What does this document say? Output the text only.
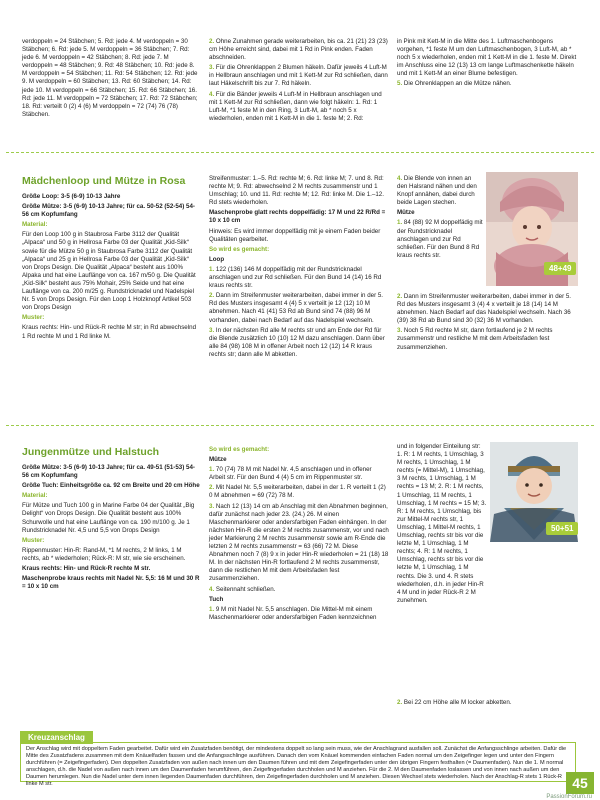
verdoppeln = 24 Stäbchen; 5. Rd: jede 4. M verdoppeln = 30 Stäbchen; 6. Rd: jede 5. M verdoppeln = 36 Stäbchen; 7. Rd: jede 6. M verdoppeln = 42 Stäbchen; 8. Rd: jede 7. M verdoppeln = 48 Stäbchen; 9. Rd: 48 Stäbchen; 10. Rd: jede 8. M verdoppeln = 54 Stäbchen; 11. Rd: 54 Stäbchen; 12. Rd: jede 9. M verdoppeln = 60 Stäbchen; 13. Rd: 60 Stäbchen; 14. Rd: jede 10. M verdoppeln = 66 Stäbchen; 15. Rd: 66 Stäbchen; 16. Rd: jede 11. M verdoppeln = 72 Stäbchen; 17. Rd: 72 Stäbchen; 18. Rd: verteilt 0 (2) 4 (6) M verdoppeln = 72 (74) 76 (78) Stäbchen.

2. Ohne Zunahmen gerade weiterarbeiten, bis ca. 21 (21) 23 (23) cm Höhe erreicht sind, dabei mit 1 Rd in Pink enden. Faden abschneiden.

3. Für die Ohrenklappen 2 Blumen häkeln. Dafür jeweils 4 Luft-M in Hellbraun anschlagen und mit 1 Kett-M zur Rd schließen, dann laut Häkelschrift bis zur 7. Rd häkeln.

4. Für die Bänder jeweils 4 Luft-M in Hellbraun anschlagen und mit 1 Kett-M zur Rd schließen, dann wie folgt häkeln: 1. Rd: 1 Luft-M, *1 feste M in den Ring, 3 Luft-M, ab * noch 5 x wiederholen, enden mit 1 Kett-M in die 1. feste M; 2. Rd:

in Pink mit Kett-M in die Mitte des 1. Luftmaschenbogens vorgehen, *1 feste M um den Luftmaschenbogen, 3 Luft-M, ab * noch 5 x wiederholen, enden mit 1 Kett-M in die 1. feste M. Direkt im Anschluss eine 12 (13) 13 cm lange Luftmaschenkette häkeln und mit 1 Kett-M an einer Blume befestigen.

5. Die Ohrenklappen an die Mütze nähen.

Mädchenloop und Mütze in Rosa

Größe Loop: 3-5 (6-9) 10-13 Jahre

Größe Mütze: 3-5 (6-9) 10-13 Jahre; für ca. 50-52 (52-54) 54-56 cm Kopfumfang

Material:

Für den Loop 100 g in Staubrosa Farbe 3112 der Qualität „Alpaca“ und 50 g in Hellrosa Farbe 03 der Qualität „Kid-Silk“ sowie für die Mütze 50 g in Staubrosa Farbe 3112 der Qualität „Alpaca“ und 25 g in Hellrosa Farbe 03 der Qualität „Kid-Silk“ von Drops Design. Die Qualität „Alpaca“ besteht aus 100% Alpaka und hat eine Lauflänge von ca. 167 m/50 g. Die Qualität „Kid-Silk“ besteht aus 75% Mohair, 25% Seide und hat eine Lauflänge von ca. 200 m/25 g. Rundstricknadel und Nadelspiel Nr. 5 von Drops Design. Für den Loop 1 Holzknopf Artikel 503 von Drops Design

Muster:

Kraus rechts: Hin- und Rück-R rechte M str; in Rd abwechselnd 1 Rd rechte M und 1 Rd linke M.

Streifenmuster: 1.–5. Rd: rechte M; 6. Rd: linke M; 7. und 8. Rd: rechte M; 9. Rd: abwechselnd 2 M rechts zusammenstr und 1 Umschlag; 10. und 11. Rd: rechte M; 12. Rd: linke M. Die 1.–12. Rd stets wiederholen.

Maschenprobe glatt rechts doppelfädig: 17 M und 22 R/Rd = 10 x 10 cm

Hinweis: Es wird immer doppelfädig mit je einem Faden beider Qualitäten gearbeitet.

So wird es gemacht:

Loop

1. 122 (136) 146 M doppelfädig mit der Rundstricknadel anschlagen und zur Rd schließen. Für den Bund 14 (14) 16 Rd kraus rechts str.

2. Dann im Streifenmuster weiterarbeiten, dabei immer in der 5. Rd des Musters insgesamt 4 (4) 5 x verteilt je 12 (12) 10 M abnehmen. Nach 41 (41) 53 Rd ab Bund sind 74 (88) 96 M vorhanden, dabei nach Bedarf auf das Nadelspiel wechseln.

3. In der nächsten Rd alle M rechts str und am Ende der Rd für die Blende zusätzlich 10 (10) 12 M dazu anschlagen. Dann über alle 84 (98) 108 M in offener Arbeit noch 12 (12) 14 R kraus rechts str; dann alle M abketten.

4. Die Blende von innen an den Halsrand nähen und den Knopf annähen, dabei durch beide Lagen stechen.

Mütze

1. 84 (88) 92 M doppelfädig mit der Rundstricknadel anschlagen und zur Rd schließen. Für den Bund 8 Rd kraus rechts str.

2. Dann im Streifenmuster weiterarbeiten, dabei immer in der 5. Rd des Musters insgesamt 3 (4) 4 x verteilt je 18 (14) 14 M abnehmen. Nach Bedarf auf das Nadelspiel wechseln. Nach 36 (39) 38 Rd ab Bund sind 30 (32) 36 M vorhanden.

3. Noch 5 Rd rechte M str, dann fortlaufend je 2 M rechts zusammenstr und restliche M mit dem Arbeitsfaden fest zusammenziehen.

48+49
Jungenmütze und Halstuch

Größe Mütze: 3-5 (6-9) 10-13 Jahre; für ca. 49-51 (51-53) 54-56 cm Kopfumfang

Größe Tuch: Einheitsgröße ca. 92 cm Breite und 20 cm Höhe

Material:

Für Mütze und Tuch 100 g in Marine Farbe 04 der Qualität „Big Delight“ von Drops Design. Die Qualität besteht aus 100% Schurwolle und hat eine Lauflänge von ca. 190 m/100 g. Je 1 Rundstricknadel Nr. 4,5 und 5,5 von Drops Design

Muster:

Rippenmuster: Hin-R: Rand-M, *1 M rechts, 2 M links, 1 M rechts, ab * wiederholen; Rück-R: M str, wie sie erscheinen.

Kraus rechts: Hin- und Rück-R rechte M str.

Maschenprobe kraus rechts mit Nadel Nr. 5,5: 16 M und 30 R = 10 x 10 cm

So wird es gemacht:

Mütze

1. 70 (74) 78 M mit Nadel Nr. 4,5 anschlagen und in offener Arbeit str. Für den Bund 4 (4) 5 cm im Rippenmuster str.

2. Mit Nadel Nr. 5,5 weiterarbeiten, dabei in der 1. R verteilt 1 (2) 0 M abnehmen = 69 (72) 78 M.

3. Nach 12 (13) 14 cm ab Anschlag mit den Abnahmen beginnen, dafür zunächst nach jeder 23. (24.) 26. M einen Maschenmarkierer oder andersfarbigen Faden einhängen. In der nächsten Hin-R die ersten 2 M rechts zusammenstr, vor und nach jeder Markierung 2 M rechts zusammenstr sowie am R-Ende die letzten 2 M rechts zusammenstr = 63 (66) 72 M. Diese Abnahmen noch 7 (8) 9 x in jeder Hin-R wiederholen = 21 (18) 18 M. In der nächsten Hin-R fortlaufend 2 M rechts zusammenstr, dann die restlichen M mit dem Arbeitsfaden fest zusammenziehen.

4. Seitennaht schließen.

Tuch

1. 9 M mit Nadel Nr. 5,5 anschlagen. Die Mittel-M mit einem Maschenmarkierer oder andersfarbigen Faden kennzeichnen

und in folgender Einteilung str: 1. R: 1 M rechts, 1 Umschlag, 3 M rechts, 1 Umschlag, 1 M rechts (= Mittel-M), 1 Umschlag, 3 M rechts, 1 Umschlag, 1 M rechts = 13 M; 2. R: 1 M rechts, 1 Umschlag, 11 M rechts, 1 Umschlag, 1 M rechts = 15 M; 3. R: 1 M rechts, 1 Umschlag, bis zur Mittel-M rechts str, 1 Umschlag, 1 Mittel-M rechts, 1 Umschlag, rechts str bis vor die letzte M, 1 Umschlag, 1 M rechts; 4. R: 1 M rechts, 1 Umschlag, rechts str bis vor die letzte M, 1 Umschlag, 1 M rechts. Die 3. und 4. R stets wiederholen, d.h. in jeder Hin-R 4 M und in jeder Rück-R 2 M zunehmen.

2. Bei 22 cm Höhe alle M locker abketten.

50+51
Kreuzanschlag
Der Anschlag wird mit doppeltem Faden gearbeitet. Dafür wird ein Zusatzfaden benötigt, der mindestens doppelt so lang sein muss, wie der Anschlagrand ausfallen soll. Zunächst die Anfangsschlinge arbeiten. Dafür die Mitte des Zusatzfadens zusammen mit dem Knäuelfaden fassen und die Anfangsschlinge ausführen. Danach den vom Knäuel kommenden einfachen Faden normal um den Zeigefinger legen und unter den Fingern durchführen (= Zeigefingerfaden). Den doppelten Zusatzfaden von außen nach innen um den Daumen führen und mit dem Zeigefingerfaden unter den übrigen Fingern festhalten (= Daumenfaden). Nun die 1. M normal anschlagen, d.h. die Nadel von außen nach innen um den Daumenfaden herumführen, den Zeigefingerfaden durchholen und M anziehen. Für die 2. M den Daumenfaden loslassen und von innen nach außen um den Daumen herumlegen. Nun die Nadel unter dem innen liegenden Daumenfaden durchführen, den Zeigefingerfaden durchholen und M anziehen. Diesen Wechsel stets wiederholen. Nach der Anschlag-R stets 1 Rück-R linke M str.	45
PassionForum.ru
